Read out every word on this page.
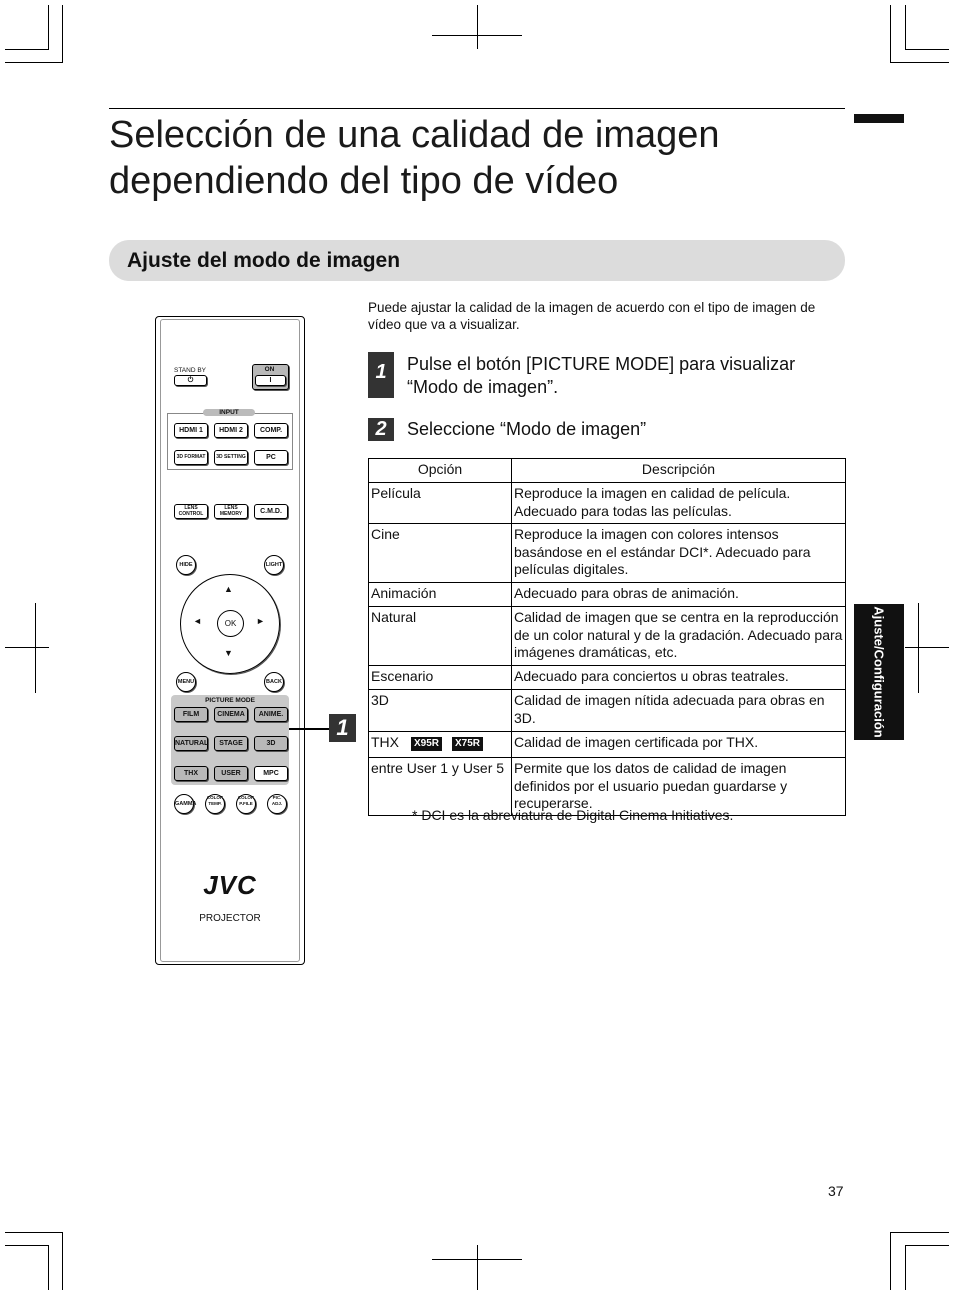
Selección de una calidad de imagen
dependiendo del tipo de vídeo
Ajuste del modo de imagen
Puede ajustar la calidad de la imagen de acuerdo con el tipo de imagen de vídeo que va a visualizar.
1	Pulse el botón [PICTURE MODE] para visualizar “Modo de imagen”.
2	Seleccione “Modo de imagen”
Opción	Descripción
Película	Reproduce la imagen en calidad de película. Adecuado para todas las películas.
Cine	Reproduce la imagen con colores intensos basándose en el estándar DCI*. Adecuado para películas digitales.
Animación	Adecuado para obras de animación.
Natural	Calidad de imagen que se centra en la reproducción de un color natural y de la gradación. Adecuado para imágenes dramáticas, etc.
Escenario	Adecuado para conciertos u obras teatrales.
3D	Calidad de imagen nítida adecuada para obras en 3D.
THX X95R X75R	Calidad de imagen certificada por THX.
entre User 1 y User 5	Permite que los datos de calidad de imagen definidos por el usuario puedan guardarse y recuperarse.
* DCI es la abreviatura de Digital Cinema Initiatives.
Ajuste/Configuración
37
STAND BY
⏻
ON
I
INPUT
HDMI 1	HDMI 2	COMP.
3D FORMAT	3D SETTING	PC
LENS CONTROL
LENS MEMORY	C.M.D.
HIDE	LIGHT
OK
▲
▼
◄	►
MENU	BACK
PICTURE MODE
FILM	CINEMA	ANIME.
NATURAL	STAGE	3D
THX	USER	MPC
GAMMA
COLOR TEMP.
COLOR P.FILE
PIC. ADJ.
JVC
PROJECTOR
1
